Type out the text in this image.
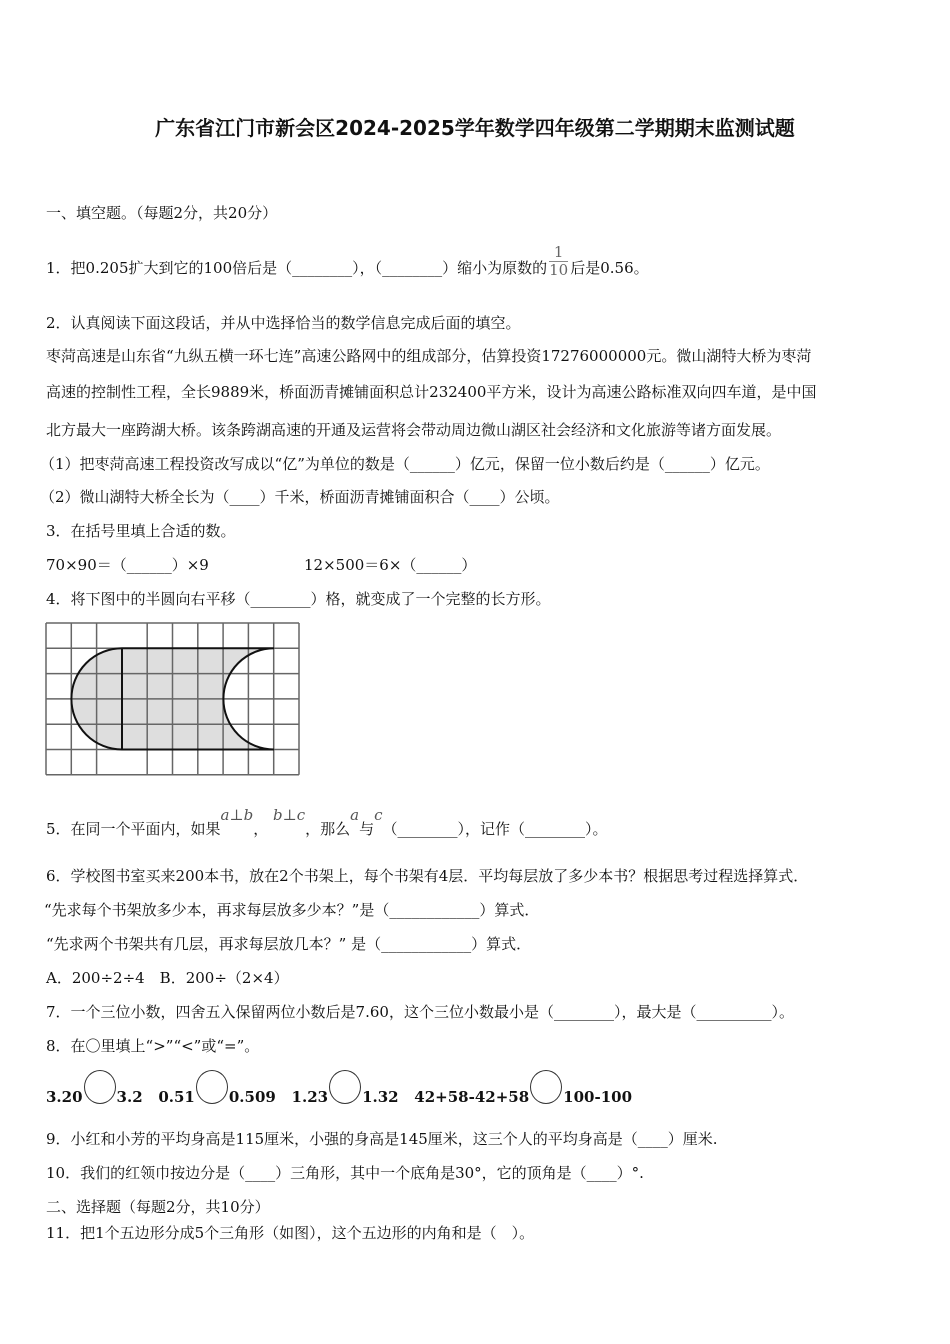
广东省江门市新会区2024-2025学年数学四年级第二学期期末监测试题
一、填空题。（每题2分，共20分）
1．把0.205扩大到它的100倍后是（________），（________）缩小为原数的 $\frac{1}{10}$ 后是0.56。
2．认真阅读下面这段话，并从中选择恰当的数学信息完成后面的填空。
枣菏高速是山东省“九纵五横一环七连”高速公路网中的组成部分，估算投资17276000000元。微山湖特大桥为枣菏
高速的控制性工程，全长9889米，桥面沥青摊铺面积总计232400平方米，设计为高速公路标准双向四车道，是中国
北方最大一座跨湖大桥。该条跨湖高速的开通及运营将会带动周边微山湖区社会经济和文化旅游等诸方面发展。
（1）把枣菏高速工程投资改写成以“亿”为单位的数是（______）亿元，保留一位小数后约是（______）亿元。
（2）微山湖特大桥全长为（____）千米，桥面沥青摊铺面积合（____）公顷。
3．在括号里填上合适的数。
70×90＝（______）×9	12×500＝6×（______）
4．将下图中的半圆向右平移（________）格，就变成了一个完整的长方形。
5．在同一个平面内，如果a⊥b， b⊥c，那么a与c（________），记作（________）。
6．学校图书室买来200本书，放在2个书架上，每个书架有4层．平均每层放了多少本书？根据思考过程选择算式．
“先求每个书架放多少本，再求每层放多少本？”是（____________）算式．
“先求两个书架共有几层，再求每层放几本？” 是（____________）算式．
A．200÷2÷4　B．200÷（2×4）
7．一个三位小数，四舍五入保留两位小数后是7.60，这个三位小数最小是（________），最大是（__________）。
8．在〇里填上“>”“<”或“=”。
3.20 3.2 0.51 0.509 1.23 1.32 42+58-42+58 100-100
9．小红和小芳的平均身高是115厘米，小强的身高是145厘米，这三个人的平均身高是（____）厘米.
10．我们的红领巾按边分是（____）三角形，其中一个底角是30°，它的顶角是（____）°.
二、选择题（每题2分，共10分）
11．把1个五边形分成5个三角形（如图），这个五边形的内角和是（　）。
